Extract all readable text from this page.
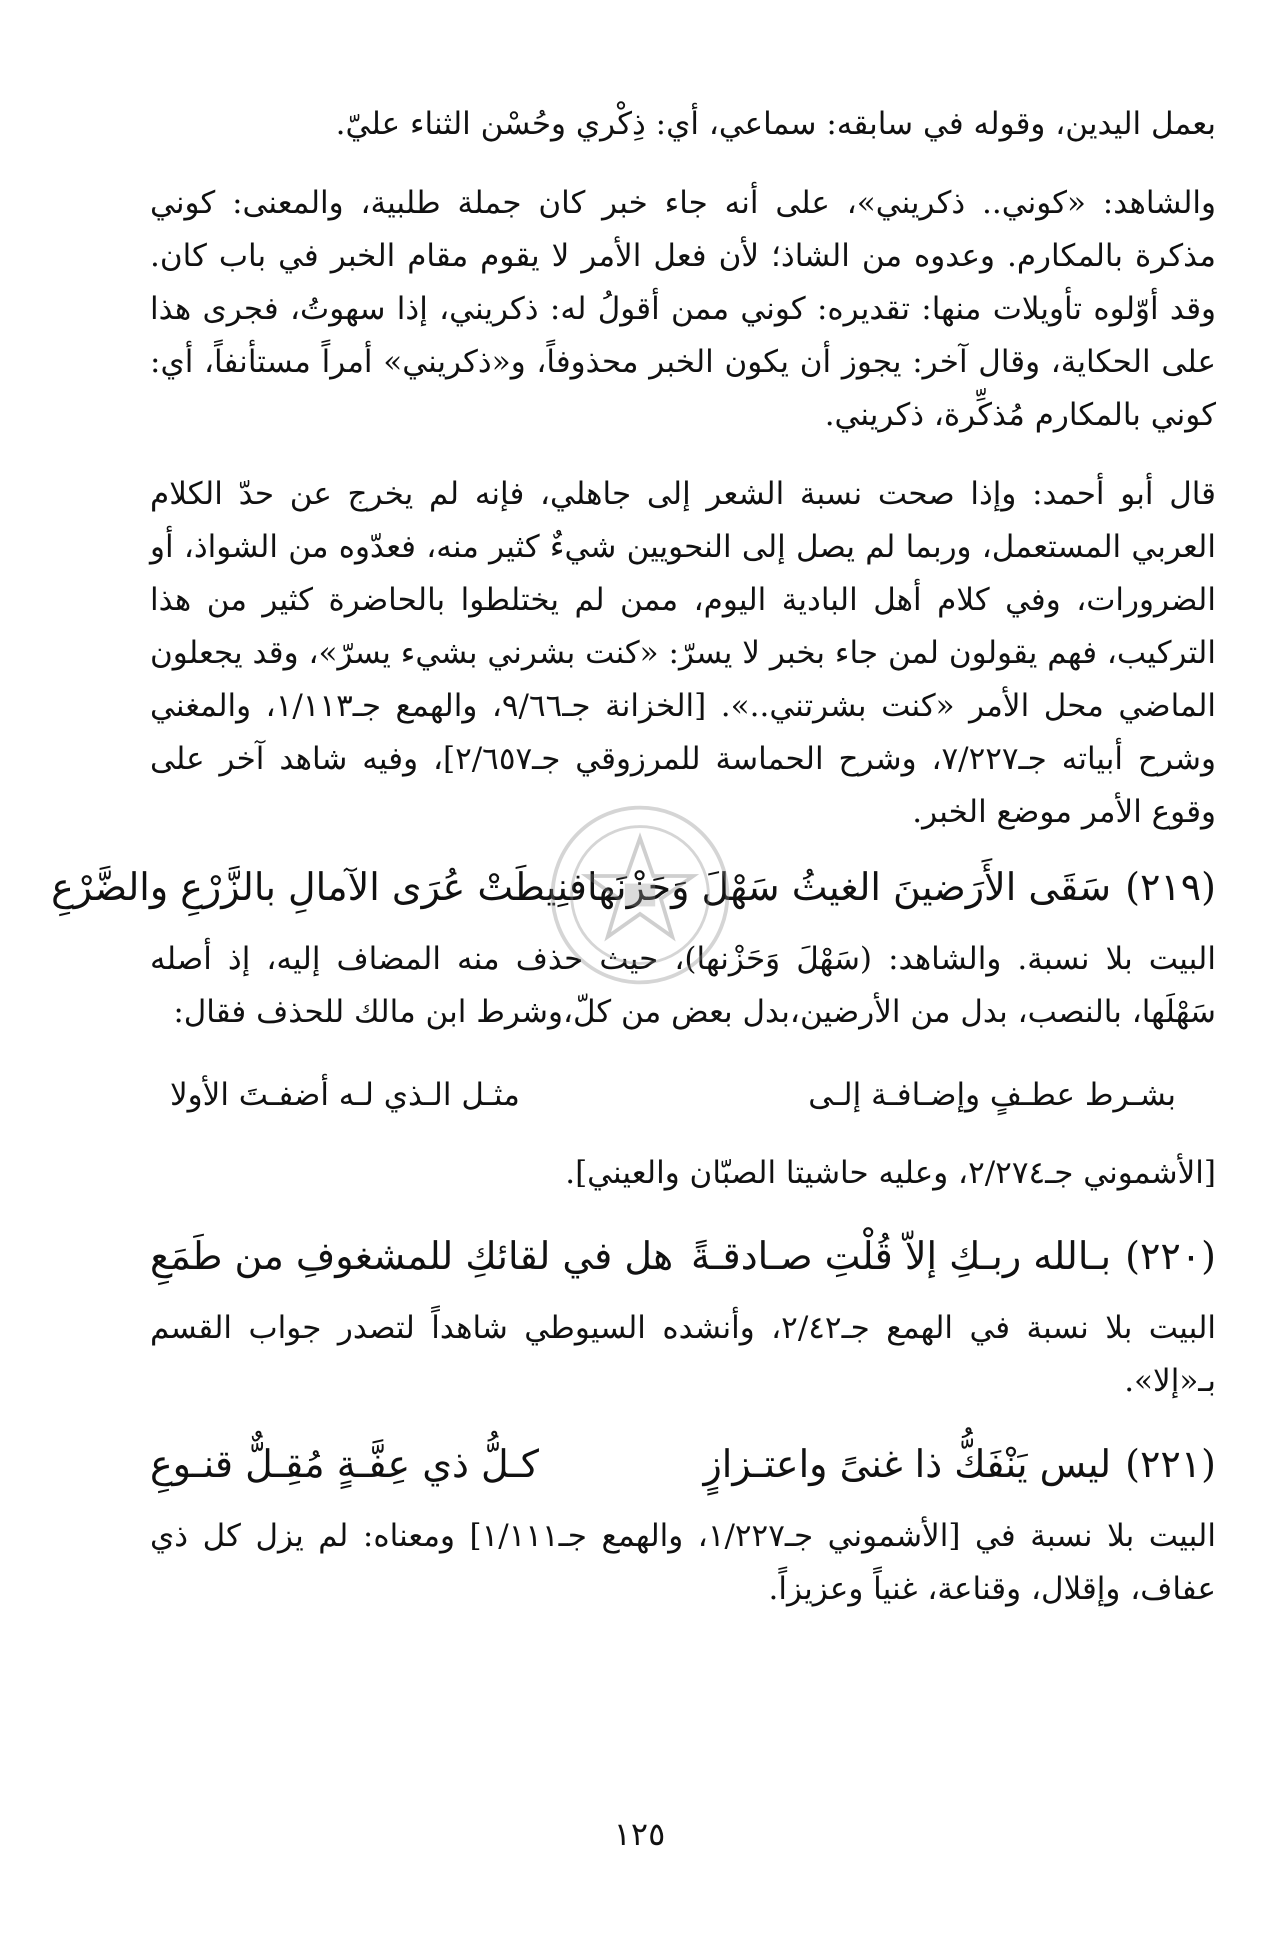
بعمل اليدين، وقوله في سابقه: سماعي، أي: ذِكْري وحُسْن الثناء عليّ.

والشاهد: «كوني.. ذكريني»، على أنه جاء خبر كان جملة طلبية، والمعنى: كوني مذكرة بالمكارم. وعدوه من الشاذ؛ لأن فعل الأمر لا يقوم مقام الخبر في باب كان. وقد أوّلوه تأويلات منها: تقديره: كوني ممن أقولُ له: ذكريني، إذا سهوتُ، فجرى هذا على الحكاية، وقال آخر: يجوز أن يكون الخبر محذوفاً، و«ذكريني» أمراً مستأنفاً، أي: كوني بالمكارم مُذكِّرة، ذكريني.

قال أبو أحمد: وإذا صحت نسبة الشعر إلى جاهلي، فإنه لم يخرج عن حدّ الكلام العربي المستعمل، وربما لم يصل إلى النحويين شيءٌ كثير منه، فعدّوه من الشواذ، أو الضرورات، وفي كلام أهل البادية اليوم، ممن لم يختلطوا بالحاضرة كثير من هذا التركيب، فهم يقولون لمن جاء بخبر لا يسرّ: «كنت بشرني بشيء يسرّ»، وقد يجعلون الماضي محل الأمر «كنت بشرتني..». [الخزانة جـ٩/٦٦، والهمع جـ١/١١٣، والمغني وشرح أبياته جـ٧/٢٢٧، وشرح الحماسة للمرزوقي جـ٢/٦٥٧]، وفيه شاهد آخر على وقوع الأمر موضع الخبر.

(٢١٩)
سَقَى الأَرَضينَ الغيثُ سَهْلَ وَحَزْنَها
فنِيطَتْ عُرَى الآمالِ بالزَّرْعِ والضَّرْعِ

البيت بلا نسبة. والشاهد: (سَهْلَ وَحَزْنها)، حيث حذف منه المضاف إليه، إذ أصله سَهْلَها، بالنصب، بدل من الأرضين،بدل بعض من كلّ،وشرط ابن مالك للحذف فقال:

بشـرط عطـفٍ وإضـافـة إلـى
مثـل الـذي لـه أضفـتَ الأولا

[الأشموني جـ٢/٢٧٤، وعليه حاشيتا الصبّان والعيني].

(٢٢٠)
بـالله ربـكِ إلاّ قُلْتِ صـادقـةً
هل في لقائكِ للمشغوفِ من طَمَعِ

البيت بلا نسبة في الهمع جـ٢/٤٢، وأنشده السيوطي شاهداً لتصدر جواب القسم بـ«إلا».

(٢٢١)
ليس يَنْفَكُّ ذا غنىً واعتـزازٍ
كـلُّ ذي عِفَّـةٍ مُقِـلٌّ قنـوعِ

البيت بلا نسبة في [الأشموني جـ١/٢٢٧، والهمع جـ١/١١١] ومعناه: لم يزل كل ذي عفاف، وإقلال، وقناعة، غنياً وعزيزاً.

١٢٥
